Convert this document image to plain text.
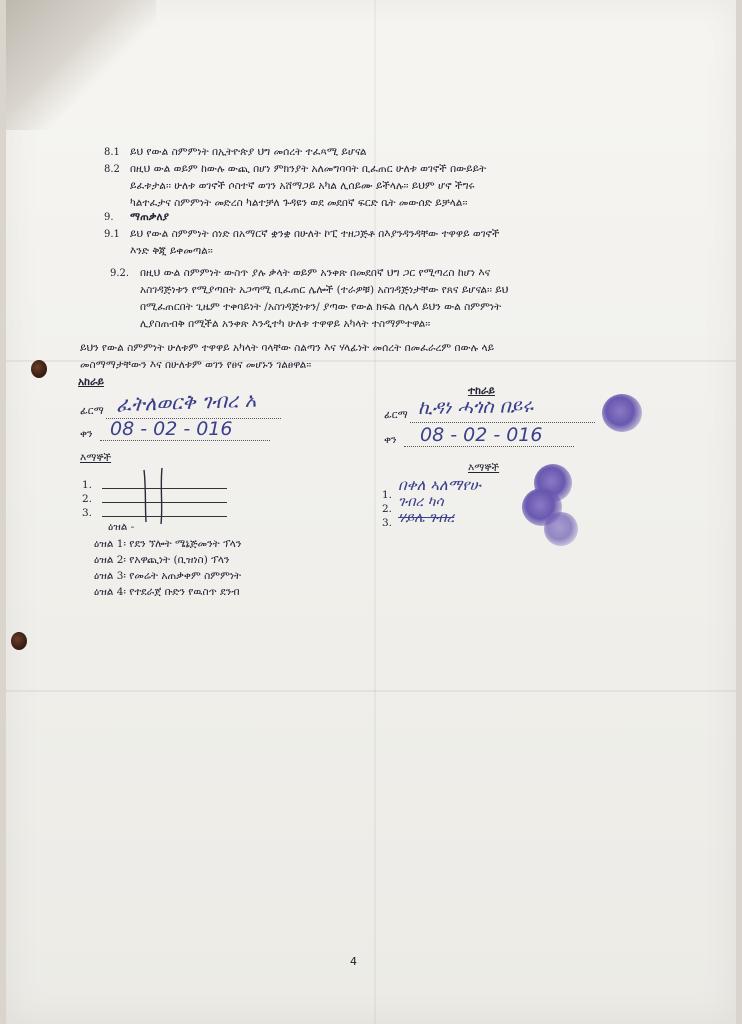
8.1 ይህ የውል ስምምነት በኢትዮጵያ ህግ መሰረት ተፈጻሚ ይሆናል
8.2 በዚህ ውል ወይም ከውሉ ውጪ በሆነ ምክንያት አለመግባባት ቢፈጠር ሁለቱ ወገኖች በውይይት
ይፈቱታል፡፡ ሁለቱ ወገኖች ሶስተኛ ወገን አሸማጋይ አካል ሊሰይሙ ይችላሉ፡፡ ይህም ሆኖ ችግሩ
ካልተፈታና ስምምነት መድረስ ካልተቻለ ጉዳዩን ወደ መደበኛ ፍርድ ቤት መውሰድ ይቻላል፡፡
9. ማጠቃለያ
9.1 ይህ የውል ስምምነት ሰነድ በአማርኛ ቋንቋ በሁለት ኮፒ ተዘጋጅቶ በእያንዳንዳቸው ተዋዋይ ወገኖች
እንድ ቅጂ ይቀመጣል፡፡
9.2. በዚህ ውል ስምምነት ውስጥ ያሉ ቃላት ወይም አንቀጽ በመደበኛ ህግ ጋር የሚጣረስ ከሆነ እና
አስገዳጅነቱን የሚያጣበት አጋጣሚ ቢፈጠር ሌሎች (ተራዎቹ) አስገዳጅነታቸው የጸና ይሆናል፡፡ ይህ
በሚፈጠርበት ጊዜም ተቀባይነት /አስገዳጅነቱን/ ያጣው የውል ክፍል በሌላ ይህን ውል ስምምነት
ሊያስጠብቅ በሚችል አንቀጽ እንዲተካ ሁለቱ ተዋዋይ አካላት ተስማምተዋል፡፡
ይህን የውል ስምምነት ሁለቱም ተዋዋይ አካላት ባላቸው ስልጣን እና ሃላፊነት መሰረት በመፈራረም በውሉ ላይ
መስማማታቸውን እና በሁለቱም ወገን የፀና መሆኑን ገልፀዋል፡፡
አከራይ
ፊርማ ፈትለወርቅ ገብረ አ
ቀን 08 - 02 - 016
እማኞች
1.
2.
3.
ዕዝል -
ዕዝል 1፡ የደን ኘሎት ሜኔጅመንት ፕላን
ዕዝል 2፡ የአዋጪነት (ቢዝነስ) ፕላን
ዕዝል 3፡ የመሬት አጠቃቀም ስምምነት
ዕዝል 4፡ የተደራጀ ቡድን የዉስጥ ደንብ
ተከራይ
ፊርማ ኪዳነ ሓጎስ በይሩ
ቀን 08 - 02 - 016
እማኞች
1.
2.
3.
በቀለ ኣለማየሁ
ገብረ ካሳ
ሃይሌ ገብረ
4
